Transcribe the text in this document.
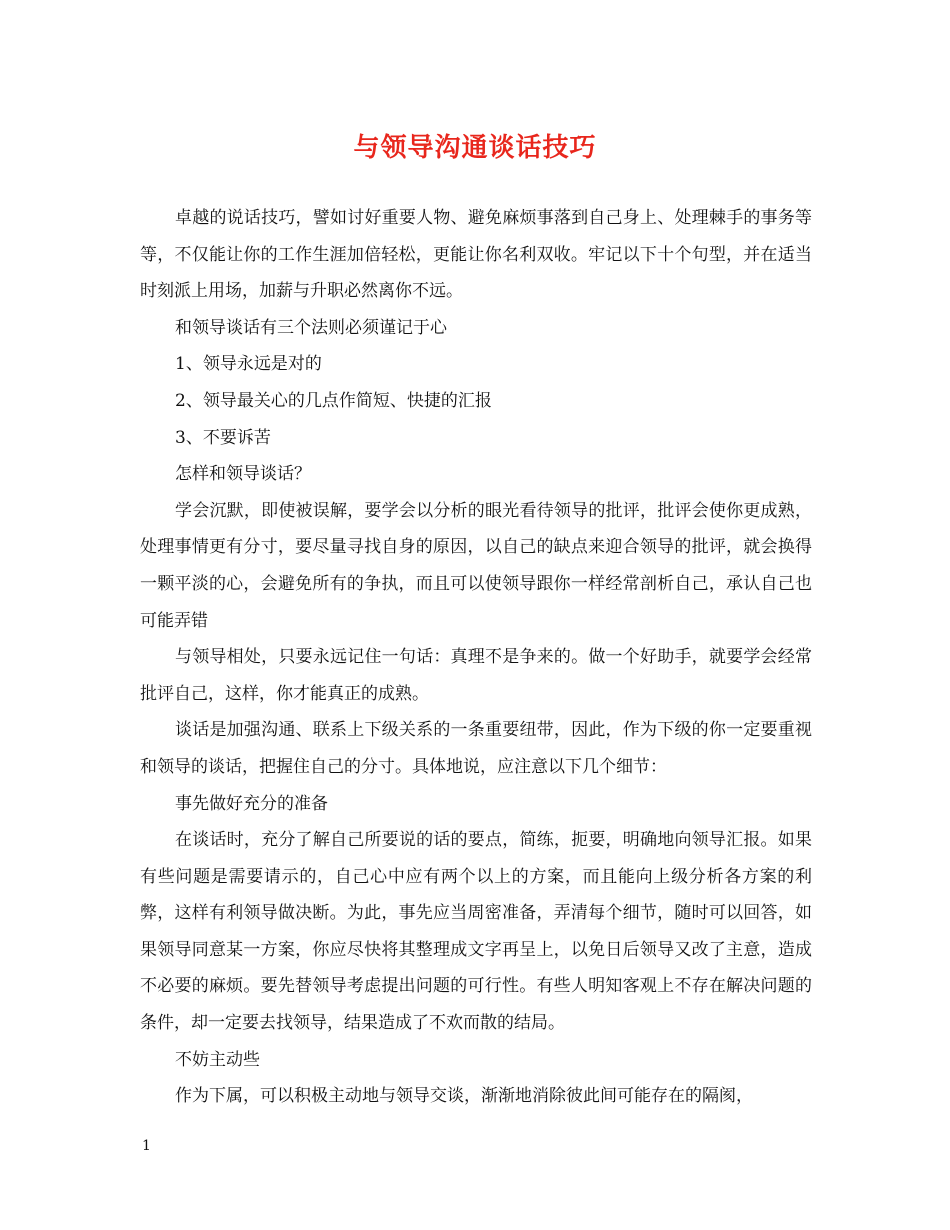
与领导沟通谈话技巧

卓越的说话技巧，譬如讨好重要人物、避免麻烦事落到自己身上、处理棘手的事务等等，不仅能让你的工作生涯加倍轻松，更能让你名利双收。牢记以下十个句型，并在适当时刻派上用场，加薪与升职必然离你不远。

和领导谈话有三个法则必须谨记于心

1、领导永远是对的

2、领导最关心的几点作简短、快捷的汇报

3、不要诉苦

怎样和领导谈话？

学会沉默，即使被误解，要学会以分析的眼光看待领导的批评，批评会使你更成熟，处理事情更有分寸，要尽量寻找自身的原因，以自己的缺点来迎合领导的批评，就会换得一颗平淡的心，会避免所有的争执，而且可以使领导跟你一样经常剖析自己，承认自己也可能弄错

与领导相处，只要永远记住一句话：真理不是争来的。做一个好助手，就要学会经常批评自己，这样，你才能真正的成熟。

谈话是加强沟通、联系上下级关系的一条重要纽带，因此，作为下级的你一定要重视和领导的谈话，把握住自己的分寸。具体地说，应注意以下几个细节：

事先做好充分的准备

在谈话时，充分了解自己所要说的话的要点，简练，扼要，明确地向领导汇报。如果有些问题是需要请示的，自己心中应有两个以上的方案，而且能向上级分析各方案的利弊，这样有利领导做决断。为此，事先应当周密准备，弄清每个细节，随时可以回答，如果领导同意某一方案，你应尽快将其整理成文字再呈上，以免日后领导又改了主意，造成不必要的麻烦。要先替领导考虑提出问题的可行性。有些人明知客观上不存在解决问题的条件，却一定要去找领导，结果造成了不欢而散的结局。

不妨主动些

作为下属，可以积极主动地与领导交谈，渐渐地消除彼此间可能存在的隔阂，

1
